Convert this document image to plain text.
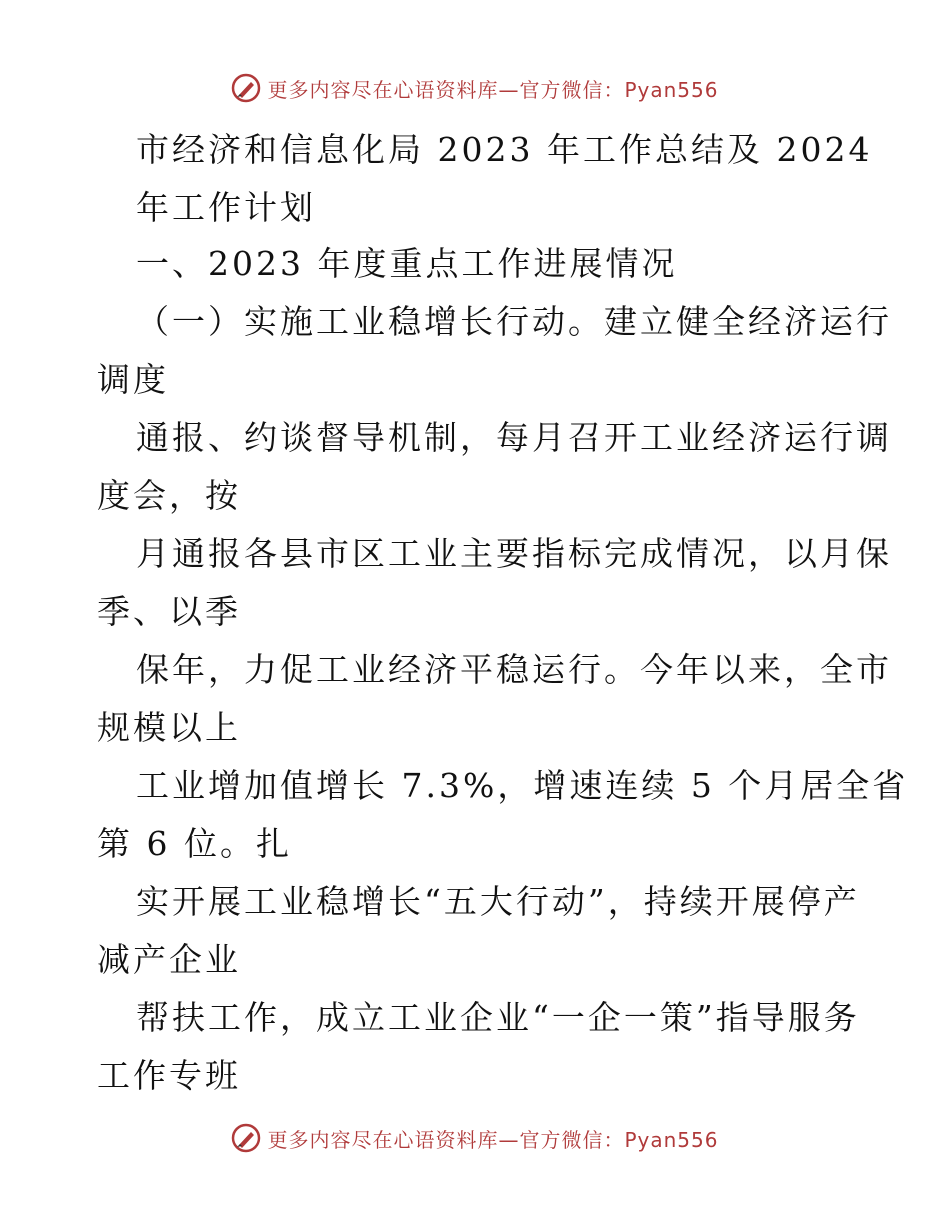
更多内容尽在心语资料库—官方微信：Pyan556
市经济和信息化局 2023 年工作总结及 2024
年工作计划
一、2023 年度重点工作进展情况
（一）实施工业稳增长行动。建立健全经济运行
调度
通报、约谈督导机制，每月召开工业经济运行调
度会，按
月通报各县市区工业主要指标完成情况，以月保
季、以季
保年，力促工业经济平稳运行。今年以来，全市
规模以上
工业增加值增长 7.3%，增速连续 5 个月居全省
第 6 位。扎
实开展工业稳增长“五大行动”，持续开展停产
减产企业
帮扶工作，成立工业企业“一企一策”指导服务
工作专班
更多内容尽在心语资料库—官方微信：Pyan556
